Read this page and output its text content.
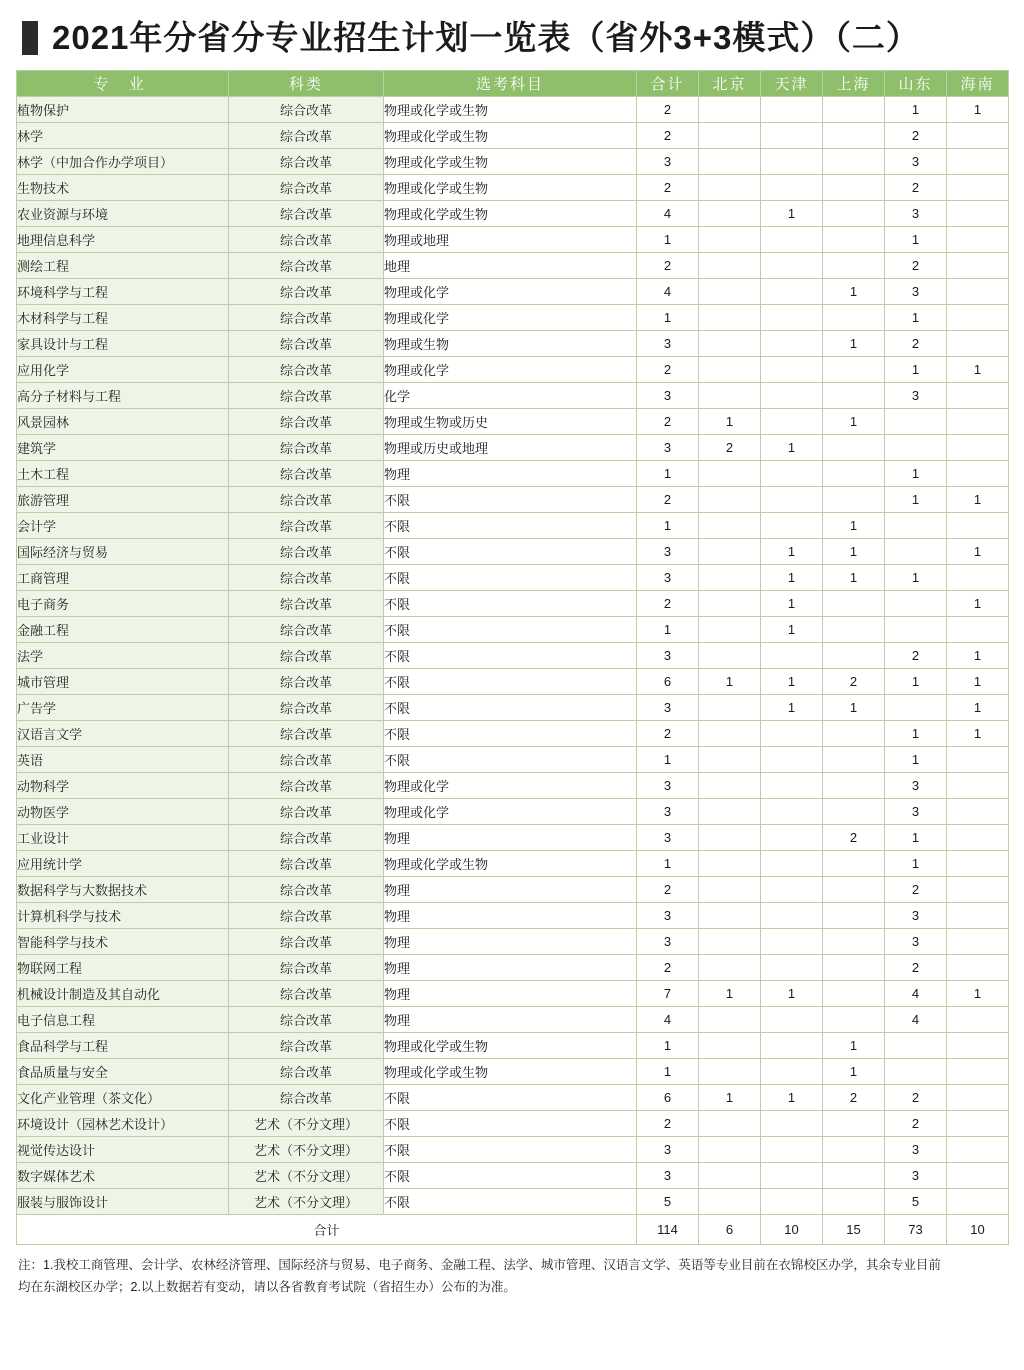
2021年分省分专业招生计划一览表（省外3+3模式）（二）
专 业	科类	选考科目	合计	北京	天津	上海	山东	海南
植物保护	综合改革	物理或化学或生物	2				1	1
林学	综合改革	物理或化学或生物	2				2	
林学（中加合作办学项目）	综合改革	物理或化学或生物	3				3	
生物技术	综合改革	物理或化学或生物	2				2	
农业资源与环境	综合改革	物理或化学或生物	4		1		3	
地理信息科学	综合改革	物理或地理	1				1	
测绘工程	综合改革	地理	2				2	
环境科学与工程	综合改革	物理或化学	4			1	3	
木材科学与工程	综合改革	物理或化学	1				1	
家具设计与工程	综合改革	物理或生物	3			1	2	
应用化学	综合改革	物理或化学	2				1	1
高分子材料与工程	综合改革	化学	3				3	
风景园林	综合改革	物理或生物或历史	2	1		1		
建筑学	综合改革	物理或历史或地理	3	2	1			
土木工程	综合改革	物理	1				1	
旅游管理	综合改革	不限	2				1	1
会计学	综合改革	不限	1			1		
国际经济与贸易	综合改革	不限	3		1	1		1
工商管理	综合改革	不限	3		1	1	1	
电子商务	综合改革	不限	2		1			1
金融工程	综合改革	不限	1		1			
法学	综合改革	不限	3				2	1
城市管理	综合改革	不限	6	1	1	2	1	1
广告学	综合改革	不限	3		1	1		1
汉语言文学	综合改革	不限	2				1	1
英语	综合改革	不限	1				1	
动物科学	综合改革	物理或化学	3				3	
动物医学	综合改革	物理或化学	3				3	
工业设计	综合改革	物理	3			2	1	
应用统计学	综合改革	物理或化学或生物	1				1	
数据科学与大数据技术	综合改革	物理	2				2	
计算机科学与技术	综合改革	物理	3				3	
智能科学与技术	综合改革	物理	3				3	
物联网工程	综合改革	物理	2				2	
机械设计制造及其自动化	综合改革	物理	7	1	1		4	1
电子信息工程	综合改革	物理	4				4	
食品科学与工程	综合改革	物理或化学或生物	1			1		
食品质量与安全	综合改革	物理或化学或生物	1			1		
文化产业管理（茶文化）	综合改革	不限	6	1	1	2	2	
环境设计（园林艺术设计）	艺术（不分文理）	不限	2				2	
视觉传达设计	艺术（不分文理）	不限	3				3	
数字媒体艺术	艺术（不分文理）	不限	3				3	
服装与服饰设计	艺术（不分文理）	不限	5				5	
合计			114	6	10	15	73	10
注：1.我校工商管理、会计学、农林经济管理、国际经济与贸易、电子商务、金融工程、法学、城市管理、汉语言文学、英语等专业目前在衣锦校区办学，其余专业目前
均在东湖校区办学；2.以上数据若有变动，请以各省教育考试院（省招生办）公布的为准。
